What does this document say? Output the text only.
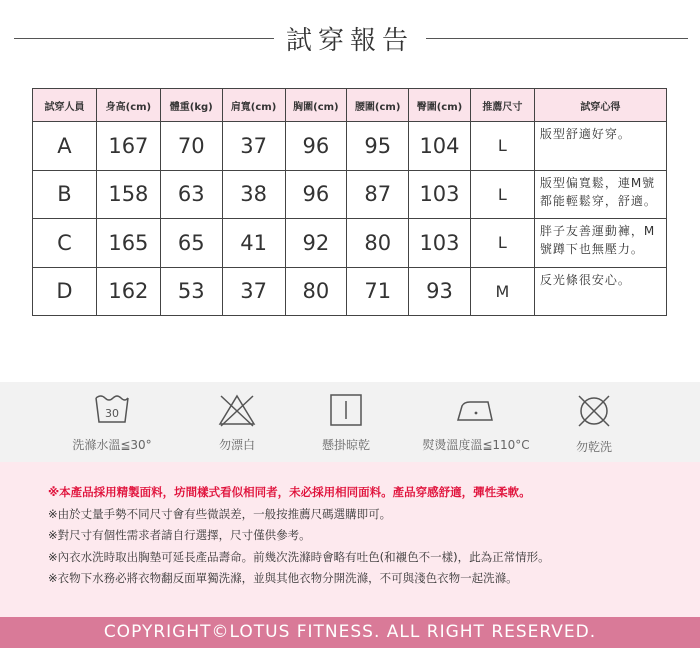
試穿報告
試穿人員	身高(cm)	體重(kg)	肩寬(cm)	胸圍(cm)	腰圍(cm)	臀圍(cm)	推薦尺寸	試穿心得
A	167	70	37	96	95	104	L	版型舒適好穿。
B	158	63	38	96	87	103	L	版型偏寬鬆，連M號都能輕鬆穿，舒適。
C	165	65	41	92	80	103	L	胖子友善運動褲，M號蹲下也無壓力。
D	162	53	37	80	71	93	M	反光條很安心。
30
洗滌水溫≦30°	勿漂白	懸掛晾乾	熨燙溫度溫≦110°C	勿乾洗
※本產品採用精製面料，坊間樣式看似相同者，未必採用相同面料。產品穿感舒適，彈性柔軟。
※由於丈量手勢不同尺寸會有些微誤差，一般按推薦尺碼選購即可。
※對尺寸有個性需求者請自行選擇，尺寸僅供參考。
※內衣水洗時取出胸墊可延長產品壽命。前幾次洗滌時會略有吐色(和襯色不一樣)，此為正常情形。
※衣物下水務必將衣物翻反面單獨洗滌，並與其他衣物分開洗滌，不可與淺色衣物一起洗滌。
COPYRIGHT©LOTUS FITNESS. ALL RIGHT RESERVED.
